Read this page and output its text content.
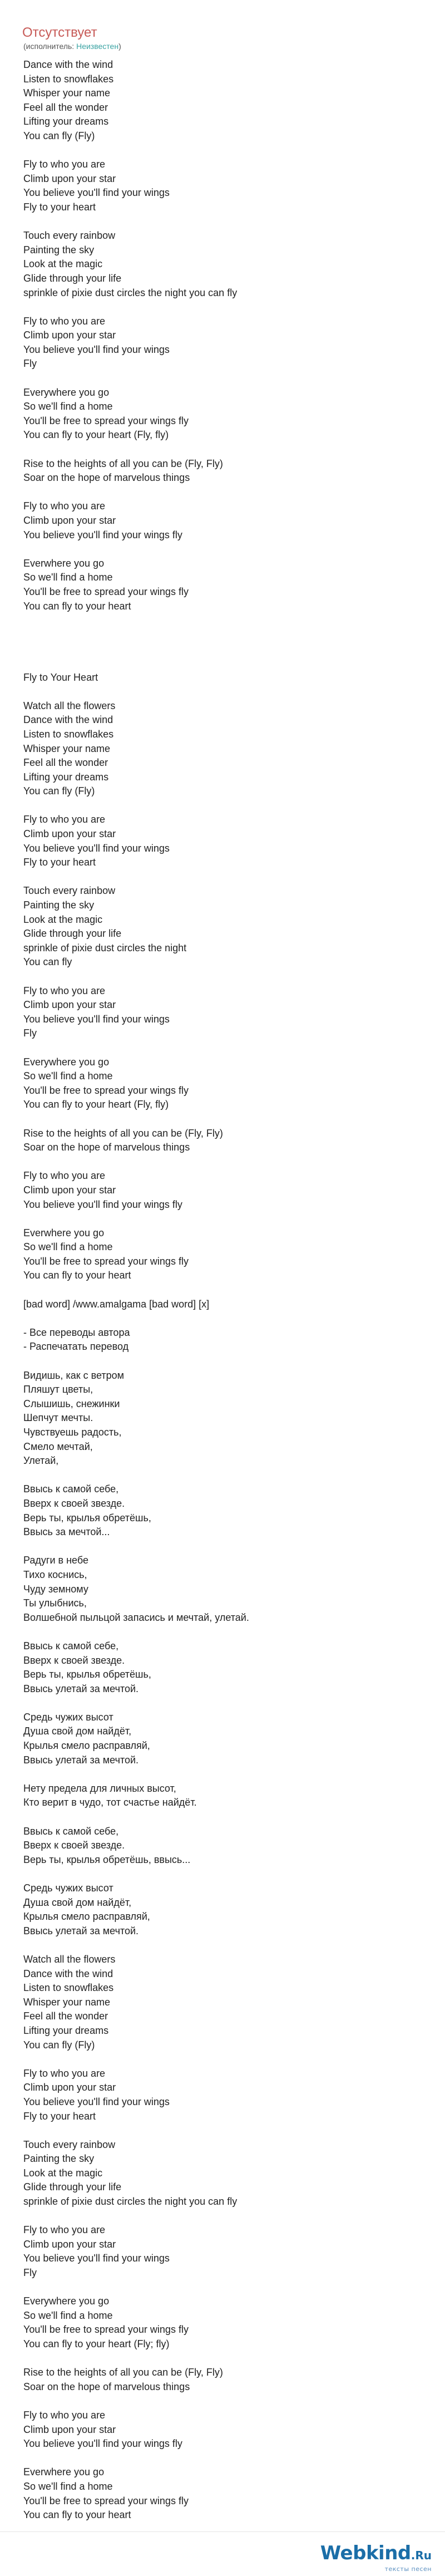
Отсутствует
(исполнитель: Неизвестен)
Dance with the wind
Listen to snowflakes
Whisper your name
Feel all the wonder
Lifting your dreams
You can fly (Fly)
Fly to who you are
Climb upon your star
You believe you'll find your wings
Fly to your heart
Touch every rainbow
Painting the sky
Look at the magic
Glide through your life
sprinkle of pixie dust circles the night you can fly
Fly to who you are
Climb upon your star
You believe you'll find your wings
Fly
Everywhere you go
So we'll find a home
You'll be free to spread your wings fly
You can fly to your heart (Fly, fly)
Rise to the heights of all you can be (Fly, Fly)
Soar on the hope of marvelous things
Fly to who you are
Climb upon your star
You believe you'll find your wings fly
Everwhere you go
So we'll find a home
You'll be free to spread your wings fly
You can fly to your heart
Fly to Your Heart
Watch all the flowers
Dance with the wind
Listen to snowflakes
Whisper your name
Feel all the wonder
Lifting your dreams
You can fly (Fly)
Fly to who you are
Climb upon your star
You believe you'll find your wings
Fly to your heart
Touch every rainbow
Painting the sky
Look at the magic
Glide through your life
sprinkle of pixie dust circles the night
You can fly
Fly to who you are
Climb upon your star
You believe you'll find your wings
Fly
Everywhere you go
So we'll find a home
You'll be free to spread your wings fly
You can fly to your heart (Fly, fly)
Rise to the heights of all you can be (Fly, Fly)
Soar on the hope of marvelous things
Fly to who you are
Climb upon your star
You believe you'll find your wings fly
Everwhere you go
So we'll find a home
You'll be free to spread your wings fly
You can fly to your heart
[bad word] /www.amalgama [bad word] [x]
- Все переводы автора
- Распечатать перевод
Видишь, как с ветром
Пляшут цветы,
Слышишь, снежинки
Шепчут мечты.
Чувствуешь радость,
Смело мечтай,
Улетай,
Ввысь к самой себе,
Вверх к своей звезде.
Верь ты, крылья обретёшь,
Ввысь за мечтой...
Радуги в небе
Тихо коснись,
Чуду земному
Ты улыбнись,
Волшебной пыльцой запасись и мечтай, улетай.
Ввысь к самой себе,
Вверх к своей звезде.
Верь ты, крылья обретёшь,
Ввысь улетай за мечтой.
Средь чужих высот
Душа свой дом найдёт,
Крылья смело расправляй,
Ввысь улетай за мечтой.
Нету предела для личных высот,
Кто верит в чудо, тот счастье найдёт.
Ввысь к самой себе,
Вверх к своей звезде.
Верь ты, крылья обретёшь, ввысь...
Средь чужих высот
Душа свой дом найдёт,
Крылья смело расправляй,
Ввысь улетай за мечтой.
Watch all the flowers
Dance with the wind
Listen to snowflakes
Whisper your name
Feel all the wonder
Lifting your dreams
You can fly (Fly)
Fly to who you are
Climb upon your star
You believe you'll find your wings
Fly to your heart
Touch every rainbow
Painting the sky
Look at the magic
Glide through your life
sprinkle of pixie dust circles the night you can fly
Fly to who you are
Climb upon your star
You believe you'll find your wings
Fly
Everywhere you go
So we'll find a home
You'll be free to spread your wings fly
You can fly to your heart (Fly; fly)
Rise to the heights of all you can be (Fly, Fly)
Soar on the hope of marvelous things
Fly to who you are
Climb upon your star
You believe you'll find your wings fly
Everwhere you go
So we'll find a home
You'll be free to spread your wings fly
You can fly to your heart
Webkind.Ru
тексты песен
